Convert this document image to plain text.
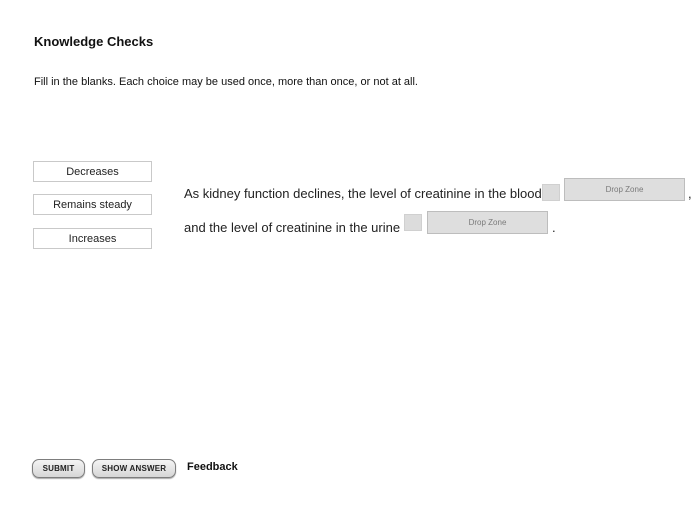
Knowledge Checks
Fill in the blanks. Each choice may be used once, more than once, or not at all.
Decreases
Remains steady
Increases
As kidney function declines, the level of creatinine in the blood	Drop Zone	,
and the level of creatinine in the urine	Drop Zone	.
SUBMIT	SHOW ANSWER	Feedback
